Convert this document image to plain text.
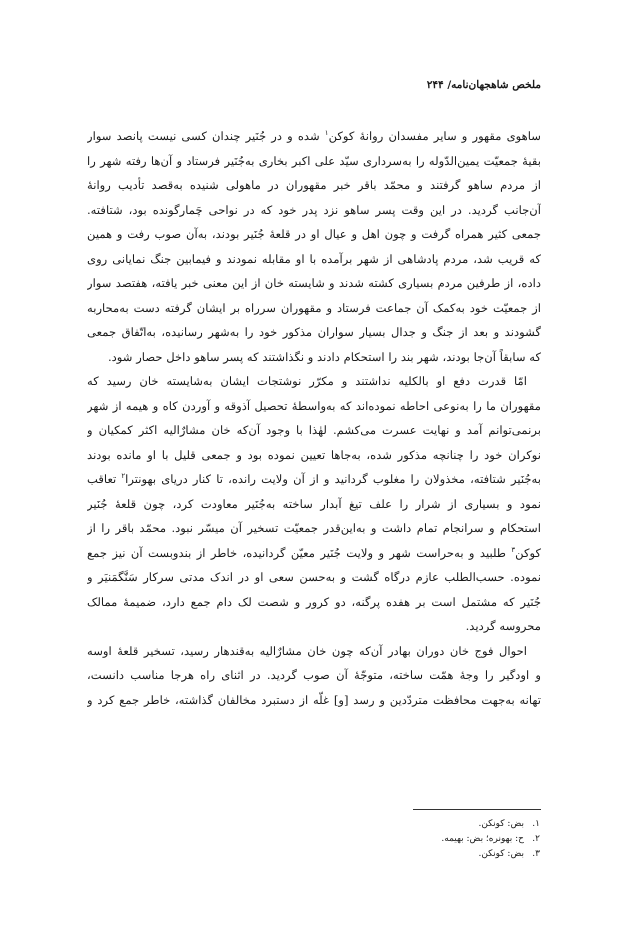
ملخص شاهجهان‌نامه/ ۲۴۴
ساهوی مقهور و سایر مفسدان روانهٔ کوکن$^۱$ شده و در جُنَیر چندان کسی نیست پانصد سوار
بقیهٔ جمعیّت یمین‌الدّوله را به‌سرداری سیّد علی اکبر بخاری به‌جُنَیر فرستاد و آن‌ها رفته شهر را
از مردم ساهو گرفتند و محمّد باقر خبر مقهوران در ماهولی شنیده به‌قصد تأدیب روانهٔ
آن‌جانب گردید. در این وقت پسر ساهو نزد پدر خود که در نواحی چَمارگونده بود، شتافته.
جمعی کثیر همراه گرفت و چون اهل و عیال او در قلعهٔ جُنَیر بودند، به‌آن صوب رفت و همین
که قریب شد، مردم پادشاهی از شهر برآمده با او مقابله نمودند و فیمابین جنگ نمایانی روی
داده، از طرفین مردم بسیاری کشته شدند و شایسته خان از این معنی خبر یافته، هفتصد سوار
از جمعیّت خود به‌کمک آن جماعت فرستاد و مقهوران سرراه بر ایشان گرفته دست به‌محاربه
گشودند و بعد از جنگ و جدال بسیار سواران مذکور خود را به‌شهر رسانیده، به‌اتّفاق جمعی
که سابقاً آن‌جا بودند، شهر بند را استحکام دادند و نگذاشتند که پسر ساهو داخل حصار شود.
امّا قدرت دفع او بالکلیه نداشتند و مکرّر نوشتجات ایشان به‌شایسته خان رسید که
مقهوران ما را به‌نوعی احاطه نموده‌اند که به‌واسطهٔ تحصیل آذوقه و آوردن کاه و هیمه از شهر
برنمی‌توانم آمد و نهایت عسرت می‌کشم. لهٰذا با وجود آن‌که خان مشارٌالیه اکثر کمکیان و
نوکران خود را چنانچه مذکور شده، به‌جاها تعیین نموده بود و جمعی قلیل با او مانده بودند
به‌جُنَیر شتافته، مخذولان را مغلوب گردانید و از آن ولایت رانده، تا کنار دریای بهونترا$^۲$ تعاقب
نمود و بسیاری از شرار را علف تیغ آبدار ساخته به‌جُنَیر معاودت کرد، چون قلعهٔ جُنَیر
استحکام و سرانجام تمام داشت و به‌این‌قدر جمعیّت تسخیر آن میسّر نبود. محمّد باقر را از
کوکن$^۳$ طلبید و به‌حراست شهر و ولایت جُنَیر معیّن گردانیده، خاطر از بندوبست آن نیز جمع
نموده. حسب‌الطلب عازم درگاه گشت و به‌حسن سعی او در اندک مدتی سرکار سَنَّگمَنیَر و
جُنَیر که مشتمل است بر هفده پرگنه، دو کرور و شصت لک دام جمع دارد، ضمیمهٔ ممالک
محروسه گردید.
احوال فوج خان دوران بهادر آن‌که چون خان مشارٌالیه به‌قندهار رسید، تسخیر قلعهٔ اوسه
و اودگیر را وجهٔ همّت ساخته، متوجّهٔ آن صوب گردید. در اثنای راه هرجا مناسب دانست،
تهانه به‌جهت محافظت متردّدین و رسد [و] غلّه از دستبرد مخالفان گذاشته، خاطر جمع کرد و
۱.بض: کونکن.
۲.ح: بهونره؛ بض: بهیمه.
۳.بض: کونکن.
